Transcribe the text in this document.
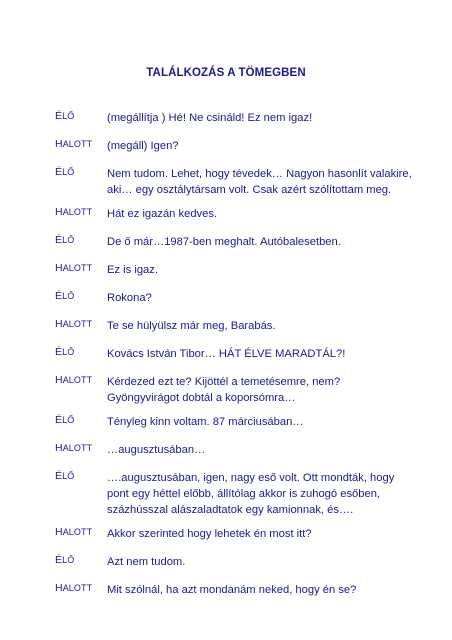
TALÁLKOZÁS A TÖMEGBEN
ÉLŐ	(megállítja ) Hé! Ne csináld! Ez nem igaz!
HALOTT (megáll) Igen?
ÉLŐ	Nem tudom. Lehet, hogy tévedek… Nagyon hasonlít valakire,
aki… egy osztálytársam volt. Csak azért szólítottam meg.
HALOTT Hát ez igazán kedves.
ÉLŐ	De ő már…1987-ben meghalt. Autóbalesetben.
HALOTT Ez is igaz.
ÉLŐ	Rokona?
HALOTT Te se hülyülsz már meg, Barabás.
ÉLŐ	Kovács István Tibor… HÁT ÉLVE MARADTÁL?!
HALOTT Kérdezed ezt te? Kijöttél a temetésemre, nem?
Gyöngyvirágot dobtál a koporsómra…
ÉLŐ	Tényleg kinn voltam. 87 márciusában…
HALOTT …augusztusában…
ÉLŐ	….augusztusában, igen, nagy eső volt. Ott mondták, hogy
pont egy héttel előbb, állítólag akkor is zuhogó esőben,
százhússzal alászaladtatok egy kamionnak, és….
HALOTT Akkor szerinted hogy lehetek én most itt?
ÉLŐ	Azt nem tudom.
HALOTT Mit szólnál, ha azt mondanám neked, hogy én se?
